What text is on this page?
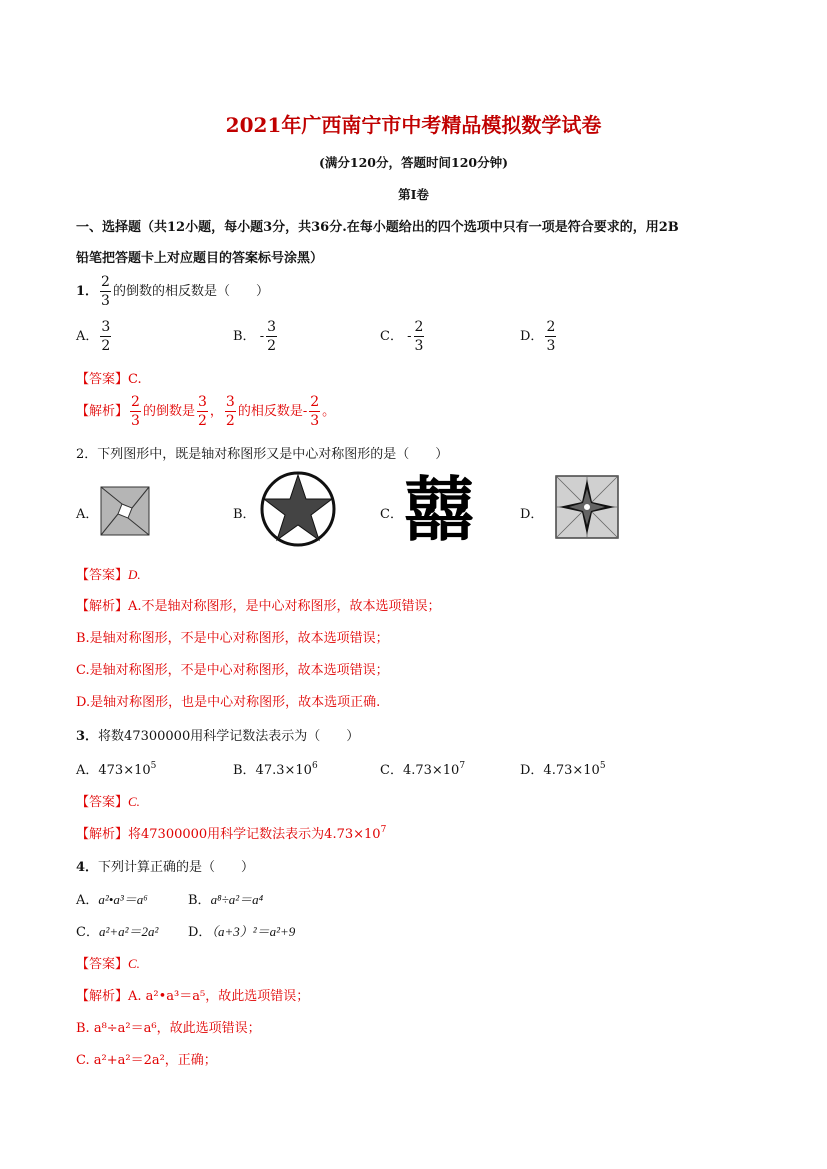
2021年广西南宁市中考精品模拟数学试卷
(满分120分，答题时间120分钟)
第I卷
一、选择题（共12小题，每小题3分，共36分.在每小题给出的四个选项中只有一项是符合要求的，用2B
铅笔把答题卡上对应题目的答案标号涂黑）
1． $\frac{2}{3}$ 的倒数的相反数是（　　）
A． $\frac{3}{2}$	B． - $\frac{3}{2}$	C． - $\frac{2}{3}$	D． $\frac{2}{3}$
【答案】C.
【解析】 $\frac{2}{3}$ 的倒数是 $\frac{3}{2}$ ， $\frac{3}{2}$ 的相反数是- $\frac{2}{3}$ 。
2．下列图形中，既是轴对称图形又是中心对称图形的是（　　）
A．	B．	C． 囍	D．
【答案】D.
【解析】A.不是轴对称图形，是中心对称图形，故本选项错误；
B.是轴对称图形，不是中心对称图形，故本选项错误；
C.是轴对称图形，不是中心对称图形，故本选项错误；
D.是轴对称图形，也是中心对称图形，故本选项正确.
3．将数47300000用科学记数法表示为（　　）
A．$473\times 10^5$	B．$47.3\times 10^6$	C．$4.73\times 10^7$	D．$4.73\times 10^5$
【答案】C.
【解析】将47300000用科学记数法表示为$4.73\times 10^7$
4．下列计算正确的是（　　）
A．a²•a³＝a⁶	B．a⁸÷a²＝a⁴
C．a²+a²＝2a² D．（a+3）²＝a²+9
【答案】C.
【解析】A. a²•a³＝a⁵，故此选项错误；
B. a⁸÷a²＝a⁶，故此选项错误；
C. a²+a²＝2a²，正确；
